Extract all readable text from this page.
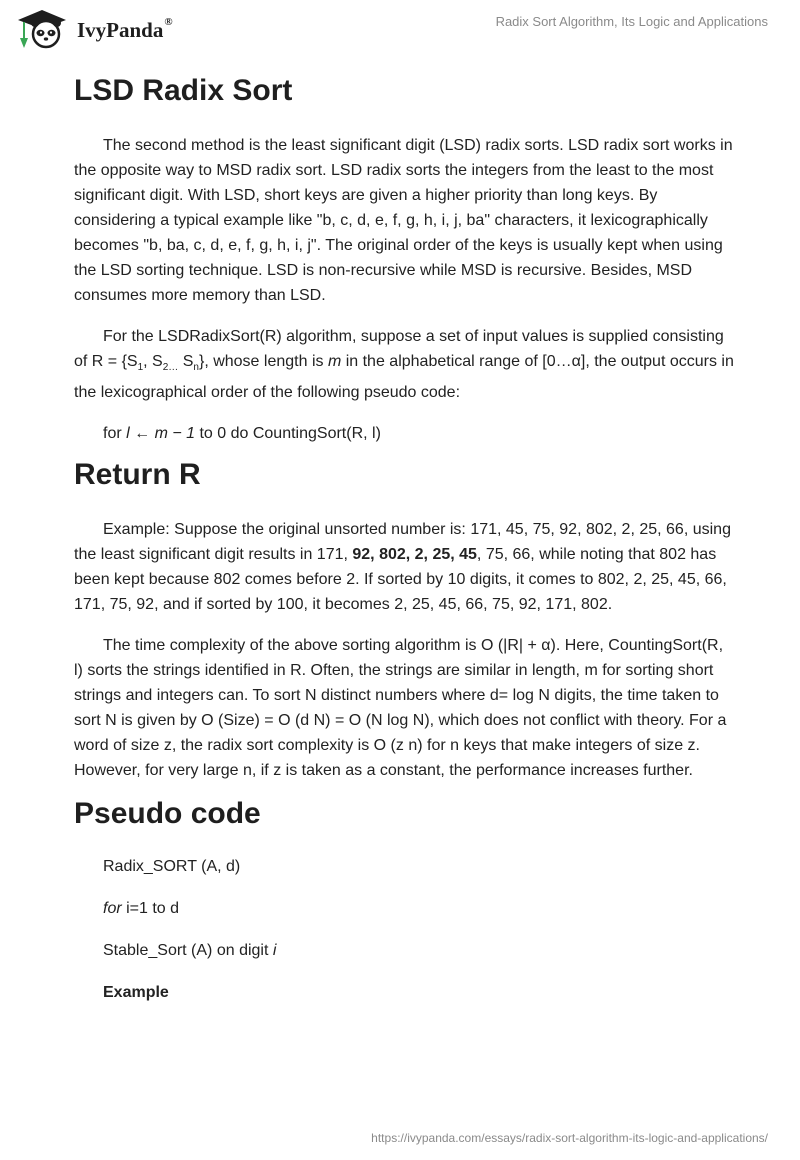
IvyPanda®	Radix Sort Algorithm, Its Logic and Applications
LSD Radix Sort

The second method is the least significant digit (LSD) radix sorts. LSD radix sort works in the opposite way to MSD radix sort. LSD radix sorts the integers from the least to the most significant digit. With LSD, short keys are given a higher priority than long keys. By considering a typical example like "b, c, d, e, f, g, h, i, j, ba" characters, it lexicographically becomes "b, ba, c, d, e, f, g, h, i, j". The original order of the keys is usually kept when using the LSD sorting technique. LSD is non-recursive while MSD is recursive. Besides, MSD consumes more memory than LSD.

For the LSDRadixSort(R) algorithm, suppose a set of input values is supplied consisting of $R = \{S_1$, $S_{2\dots}$ $S_n$}, whose length is m in the alphabetical range of [0…α], the output occurs in the lexicographical order of the following pseudo code:

for l ← m − 1 to 0 do CountingSort(R, l)

Return R

Example: Suppose the original unsorted number is: 171, 45, 75, 92, 802, 2, 25, 66, using the least significant digit results in 171, 92, 802, 2, 25, 45, 75, 66, while noting that 802 has been kept because 802 comes before 2. If sorted by 10 digits, it comes to 802, 2, 25, 45, 66, 171, 75, 92, and if sorted by 100, it becomes 2, 25, 45, 66, 75, 92, 171, 802.

The time complexity of the above sorting algorithm is O (|R| + α). Here, CountingSort(R, l) sorts the strings identified in R. Often, the strings are similar in length, m for sorting short strings and integers can. To sort N distinct numbers where d= log N digits, the time taken to sort N is given by O (Size) = O (d N) = O (N log N), which does not conflict with theory. For a word of size z, the radix sort complexity is O (z n) for n keys that make integers of size z. However, for very large n, if z is taken as a constant, the performance increases further.

Pseudo code

Radix_SORT (A, d)

for i=1 to d

Stable_Sort (A) on digit i

Example

https://ivypanda.com/essays/radix-sort-algorithm-its-logic-and-applications/
